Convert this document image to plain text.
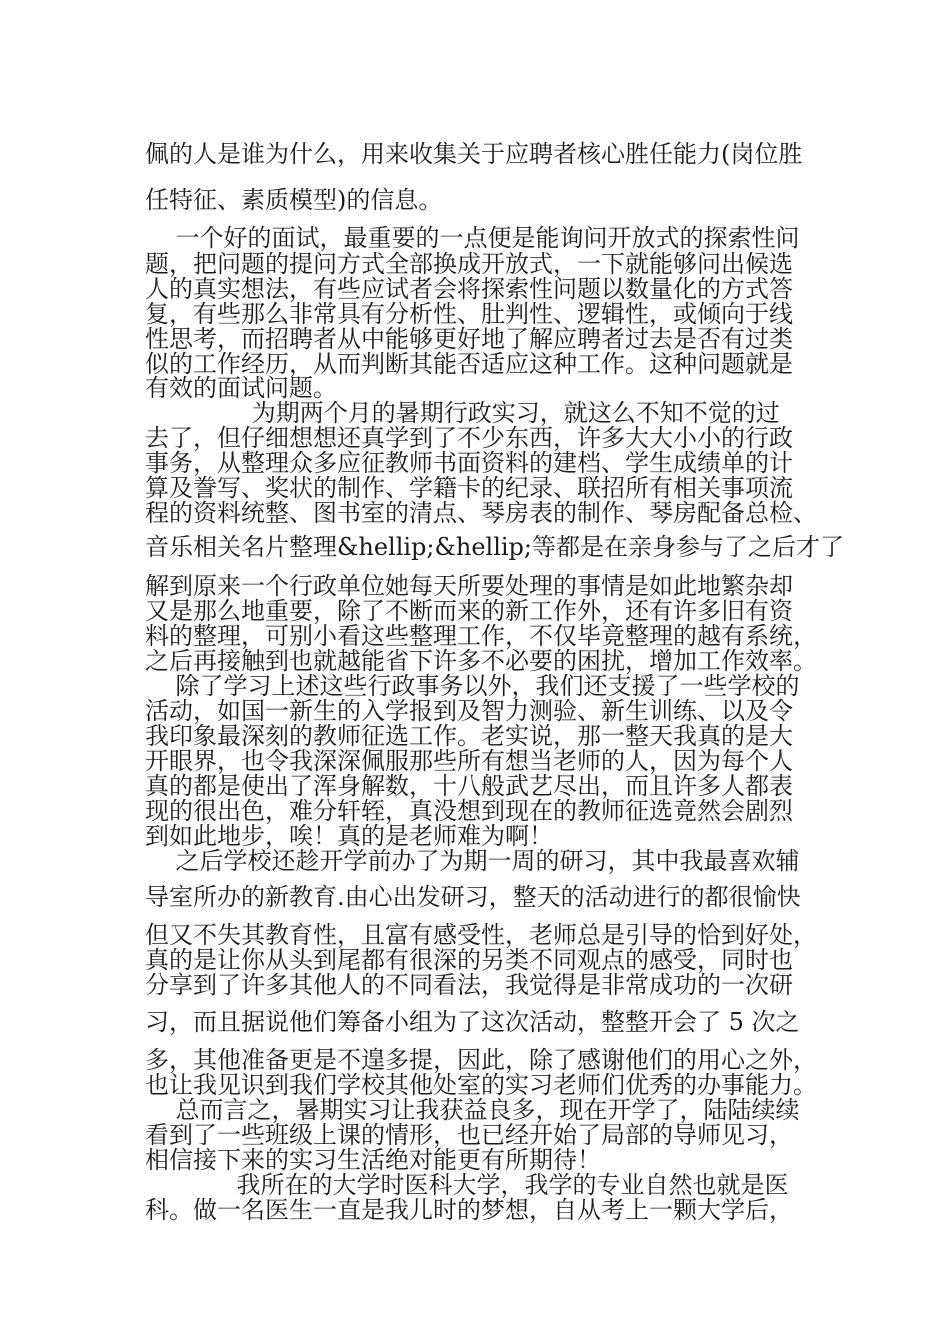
佩的人是谁为什么，用来收集关于应聘者核心胜任能力(岗位胜

任特征、素质模型)的信息。

一个好的面试，最重要的一点便是能询问开放式的探索性问

题，把问题的提问方式全部换成开放式，一下就能够问出候选

人的真实想法，有些应试者会将探索性问题以数量化的方式答

复，有些那么非常具有分析性、肚判性、逻辑性，或倾向于线

性思考，而招聘者从中能够更好地了解应聘者过去是否有过类

似的工作经历，从而判断其能否适应这种工作。这种问题就是

有效的面试问题。

为期两个月的暑期行政实习，就这么不知不觉的过

去了，但仔细想想还真学到了不少东西，许多大大小小的行政

事务，从整理众多应征教师书面资料的建档、学生成绩单的计

算及誊写、奖状的制作、学籍卡的纪录、联招所有相关事项流

程的资料统整、图书室的清点、琴房表的制作、琴房配备总检、

音乐相关名片整理&hellip;&hellip;等都是在亲身参与了之后才了

解到原来一个行政单位她每天所要处理的事情是如此地繁杂却

又是那么地重要，除了不断而来的新工作外，还有许多旧有资

料的整理，可别小看这些整理工作，不仅毕竟整理的越有系统，

之后再接触到也就越能省下许多不必要的困扰，增加工作效率。

除了学习上述这些行政事务以外，我们还支援了一些学校的

活动，如国一新生的入学报到及智力测验、新生训练、以及令

我印象最深刻的教师征选工作。老实说，那一整天我真的是大

开眼界，也令我深深佩服那些所有想当老师的人，因为每个人

真的都是使出了浑身解数，十八般武艺尽出，而且许多人都表

现的很出色，难分轩轾，真没想到现在的教师征选竟然会剧烈

到如此地步，唉！真的是老师难为啊！

之后学校还趁开学前办了为期一周的研习，其中我最喜欢辅

导室所办的新教育.由心出发研习，整天的活动进行的都很愉快

但又不失其教育性，且富有感受性，老师总是引导的恰到好处，

真的是让你从头到尾都有很深的另类不同观点的感受，同时也

分享到了许多其他人的不同看法，我觉得是非常成功的一次研

习，而且据说他们筹备小组为了这次活动，整整开会了 5 次之

多，其他准备更是不遑多提，因此，除了感谢他们的用心之外，

也让我见识到我们学校其他处室的实习老师们优秀的办事能力。

总而言之，暑期实习让我获益良多，现在开学了，陆陆续续

看到了一些班级上课的情形，也已经开始了局部的导师见习，

相信接下来的实习生活绝对能更有所期待！

我所在的大学时医科大学，我学的专业自然也就是医

科。做一名医生一直是我儿时的梦想，自从考上一颗大学后，
